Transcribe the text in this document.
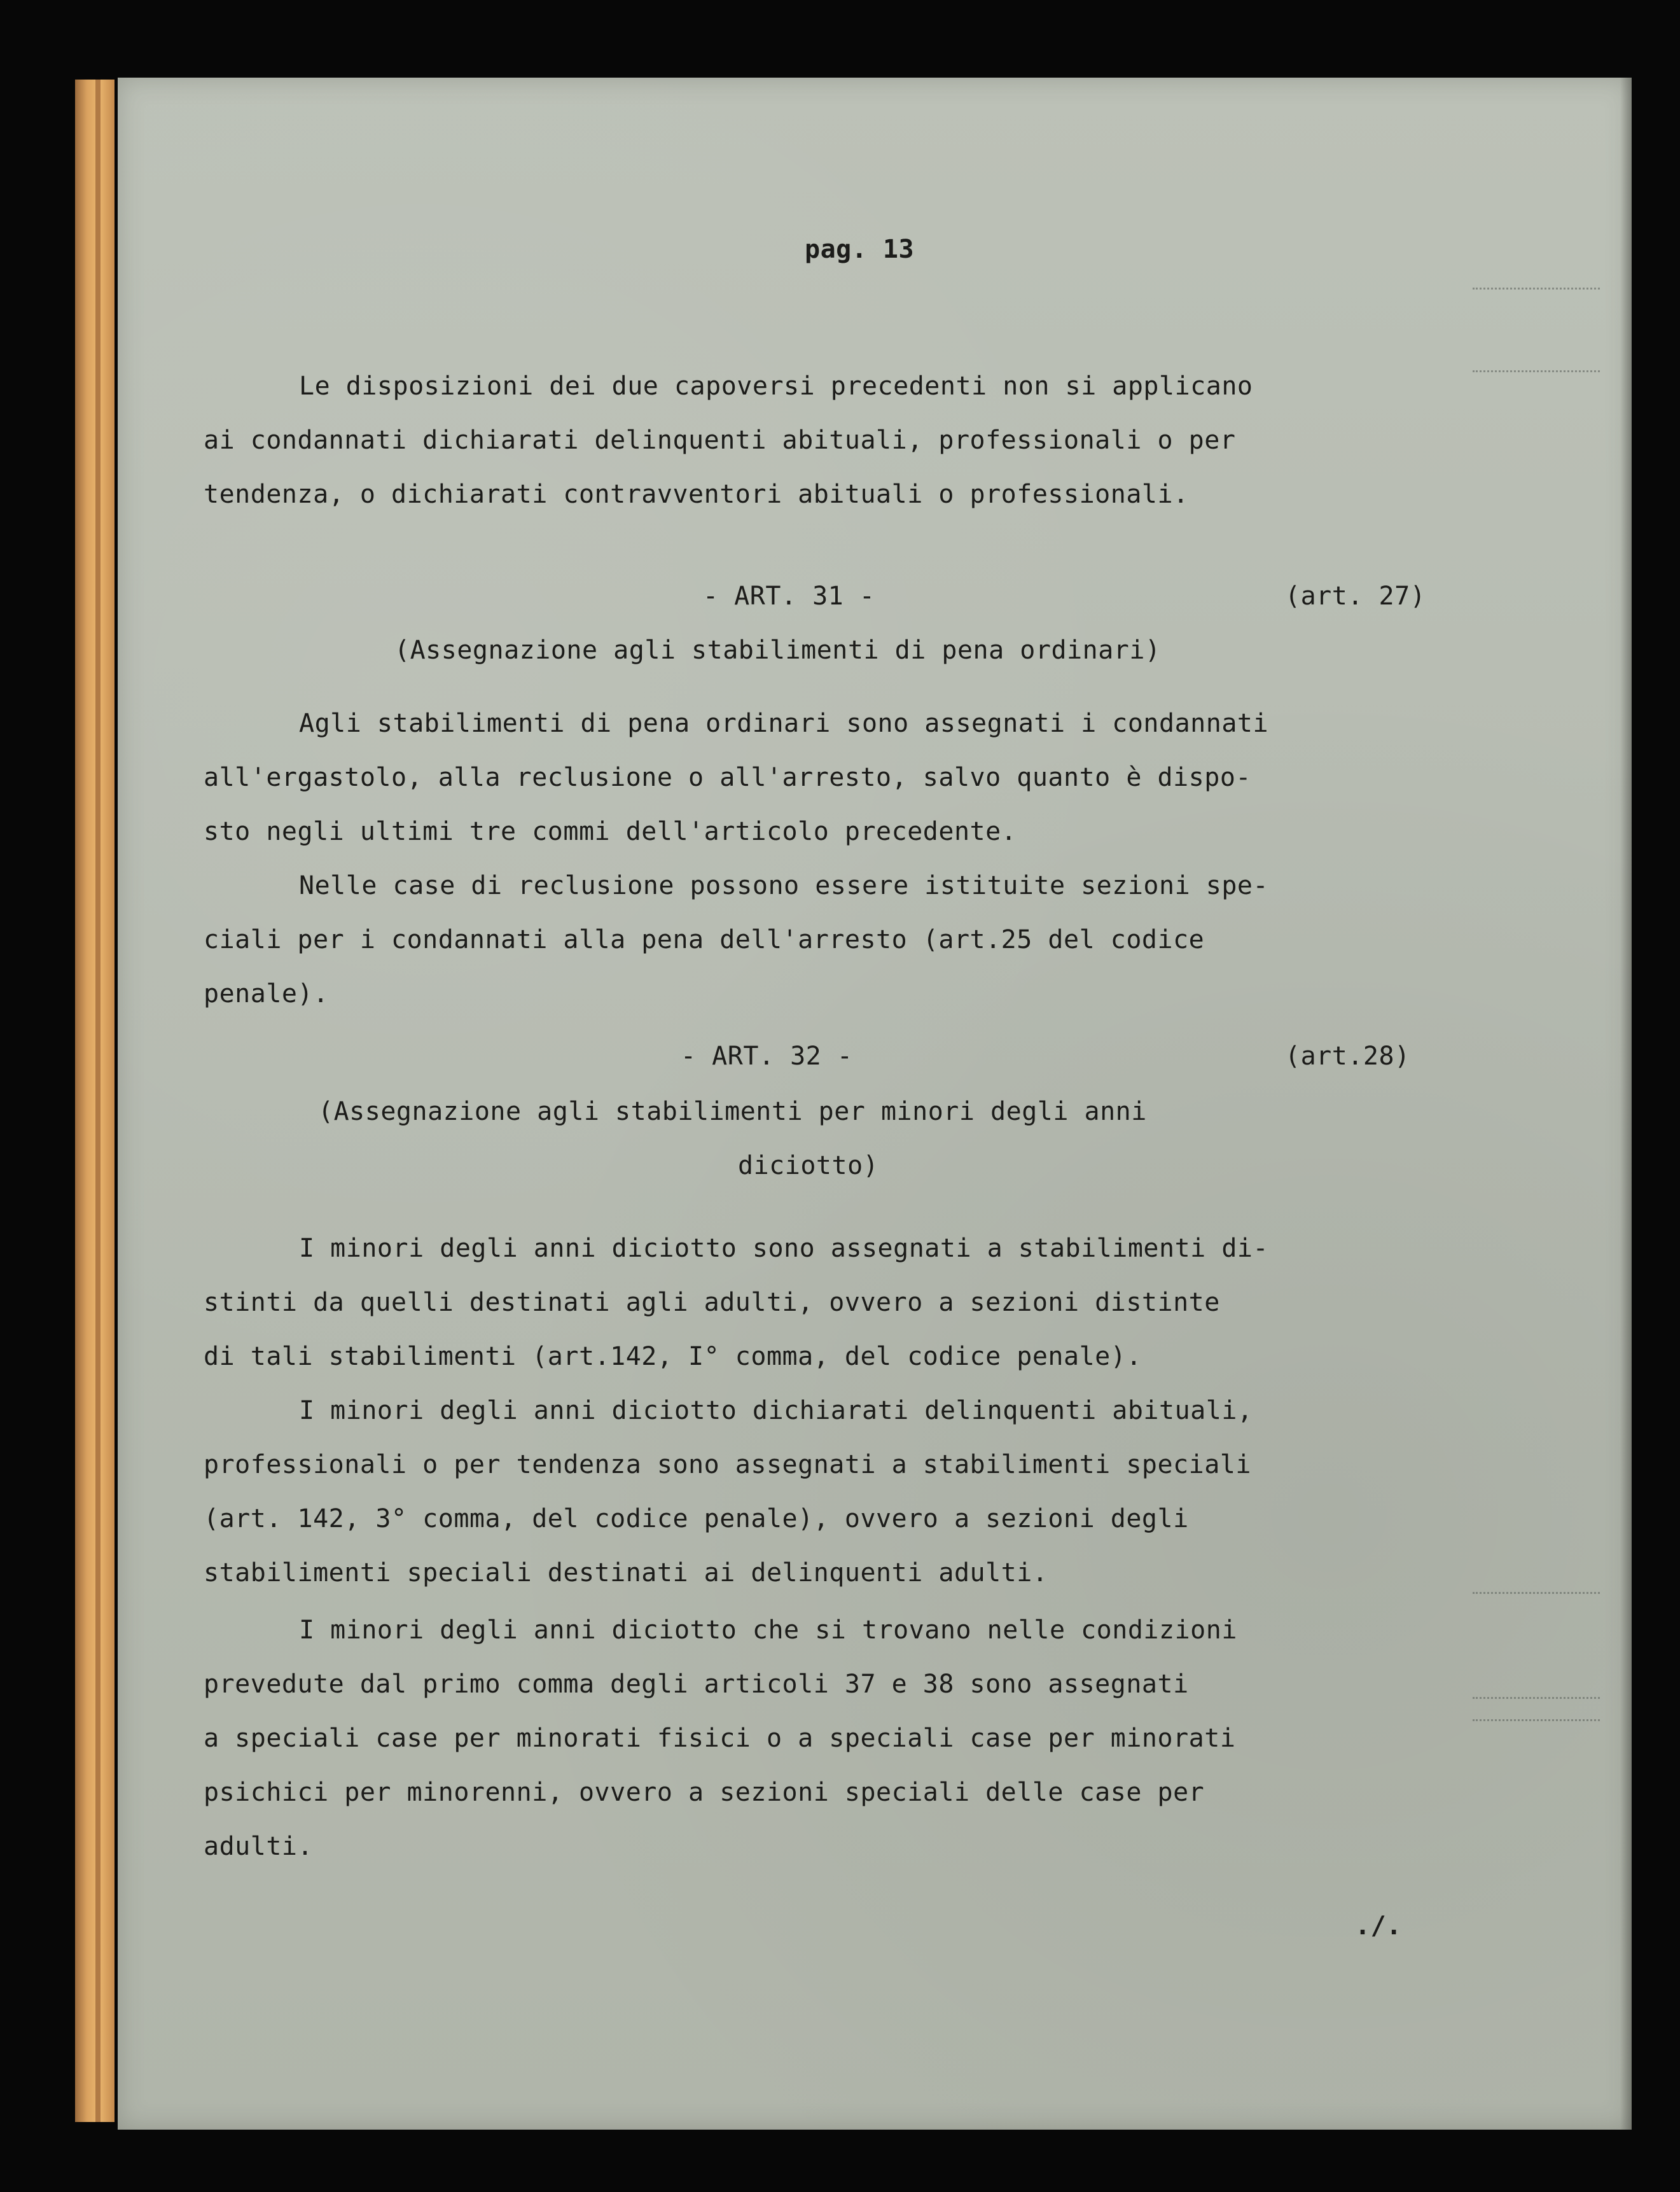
pag. 13

Le disposizioni dei due capoversi precedenti non si applicano

ai condannati dichiarati delinquenti abituali, professionali o per

tendenza, o dichiarati contravventori abituali o professionali.

- ART. 31 -	(art. 27)

(Assegnazione agli stabilimenti di pena ordinari)

Agli stabilimenti di pena ordinari sono assegnati i condannati

all'ergastolo, alla reclusione o all'arresto, salvo quanto è dispo-

sto negli ultimi tre commi dell'articolo precedente.

Nelle case di reclusione possono essere istituite sezioni spe-

ciali per i condannati alla pena dell'arresto (art.25 del codice

penale).

- ART. 32 -	(art.28)

(Assegnazione agli stabilimenti per minori degli anni

diciotto)

I minori degli anni diciotto sono assegnati a stabilimenti di-

stinti da quelli destinati agli adulti, ovvero a sezioni distinte

di tali stabilimenti (art.142, I° comma, del codice penale).

I minori degli anni diciotto dichiarati delinquenti abituali,

professionali o per tendenza sono assegnati a stabilimenti speciali

(art. 142, 3° comma, del codice penale), ovvero a sezioni degli

stabilimenti speciali destinati ai delinquenti adulti.

I minori degli anni diciotto che si trovano nelle condizioni

prevedute dal primo comma degli articoli 37 e 38 sono assegnati

a speciali case per minorati fisici o a speciali case per minorati

psichici per minorenni, ovvero a sezioni speciali delle case per

adulti.

./.
